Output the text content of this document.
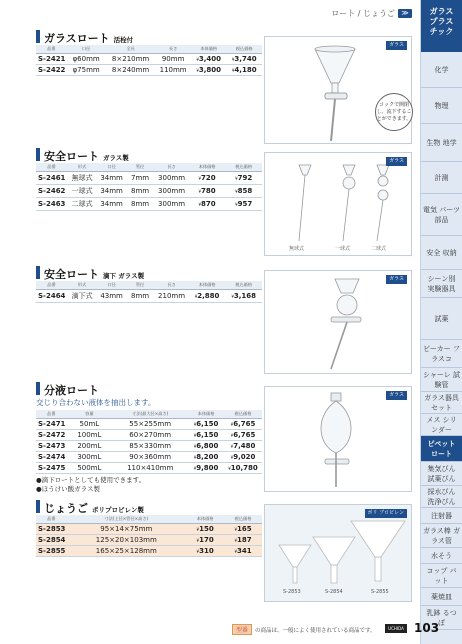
ロート / じょうご ≫	ガラス
プラス
チック
化学
物理
生物 地学
計測
電気 パーツ 部品
安全 収納
シーン別 実験器具
試薬
ビーカー フラスコ
シャーレ 試験管
ガラス器具 セット
メス シリンダー
ピペット ロート
集気びん 試薬びん
採水びん 洗浄びん
注射器
ガラス棒 ガラス管
水そう
コップ バット
薬焼皿
乳鉢 るつぼ
ガラスロート 活栓付
品番	口径	全長	長さ	本体価格	税込価格
S-2421	φ60mm	8×210mm	90mm	¥3,400	¥3,740
S-2422	φ75mm	8×240mm	110mm	¥3,800	¥4,180
ガラス
コックで開閉し、流下することができます。
安全ロート ガラス製
品番	形式	口径	管径	長さ	本体価格	税込価格
S-2461	無球式	34mm	7mm	300mm	¥720	¥792
S-2462	一球式	34mm	8mm	300mm	¥780	¥858
S-2463	二球式	34mm	8mm	300mm	¥870	¥957
ガラス
無球式	一球式	二球式
安全ロート 滴下 ガラス製
品番	形式	口径	管径	長さ	本体価格	税込価格
S-2464	滴下式	43mm	8mm	210mm	¥2,880	¥3,168
ガラス
分液ロート
交じり合わない液体を抽出します。
品番	容量	寸法(最大径×高さ)	本体価格	税込価格
S-2471	50mL	55×255mm	¥6,150	¥6,765
S-2472	100mL	60×270mm	¥6,150	¥6,765
S-2473	200mL	85×330mm	¥6,800	¥7,480
S-2474	300mL	90×360mm	¥8,200	¥9,020
S-2475	500mL	110×410mm	¥9,800	¥10,780
●滴下ロートとしても使用できます。
●ほうけい酸ガラス製
ガラス
じょうご ポリプロピレン製
品番	寸法(上径×管径×高さ)	本体価格	税込価格
S-2853	95×14×75mm	¥150	¥165
S-2854	125×20×103mm	¥170	¥187
S-2855	165×25×128mm	¥310	¥341
ポリ プロピレン
S-2853	S-2854	S-2855
型番	の商品は、一般によく使用されている商品です。	UCHIDA 103
